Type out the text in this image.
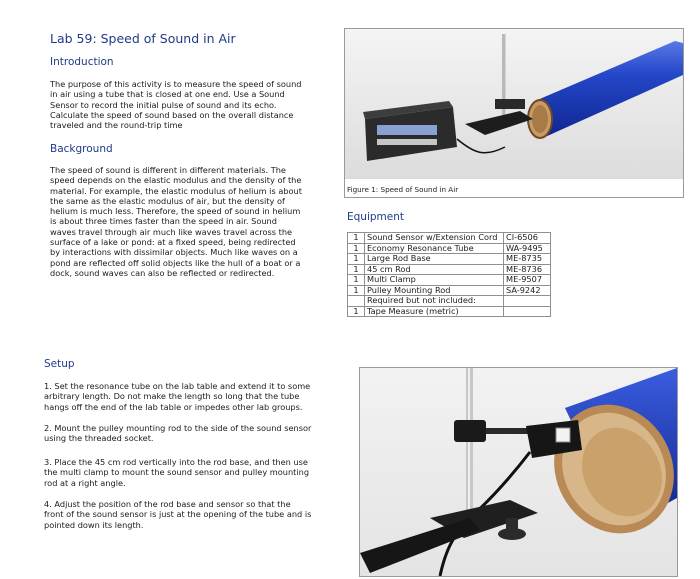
Lab 59: Speed of Sound in Air
Introduction
The purpose of this activity is to measure the speed of sound
in air using a tube that is closed at one end. Use a Sound
Sensor to record the initial pulse of sound and its echo.
Calculate the speed of sound based on the overall distance
traveled and the round-trip time
Background
The speed of sound is different in different materials. The
speed depends on the elastic modulus and the density of the
material. For example, the elastic modulus of helium is about
the same as the elastic modulus of air, but the density of
helium is much less. Therefore, the speed of sound in helium
is about three times faster than the speed in air. Sound
waves travel through air much like waves travel across the
surface of a lake or pond: at a fixed speed, being redirected
by interactions with dissimilar objects. Much like waves on a
pond are reflected off solid objects like the hull of a boat or a
dock, sound waves can also be reflected or redirected.
Figure 1: Speed of Sound in Air
Equipment
1	Sound Sensor w/Extension Cord	CI-6506
1	Economy Resonance Tube	WA-9495
1	Large Rod Base	ME-8735
1	45 cm Rod	ME-8736
1	Multi Clamp	ME-9507
1	Pulley Mounting Rod	SA-9242
	Required but not included:	
1	Tape Measure (metric)	
Setup
1. Set the resonance tube on the lab table and extend it to some
arbitrary length. Do not make the length so long that the tube
hangs off the end of the lab table or impedes other lab groups.
2. Mount the pulley mounting rod to the side of the sound sensor
using the threaded socket.
3. Place the 45 cm rod vertically into the rod base, and then use
the multi clamp to mount the sound sensor and pulley mounting
rod at a right angle.
4. Adjust the position of the rod base and sensor so that the
front of the sound sensor is just at the opening of the tube and is
pointed down its length.
